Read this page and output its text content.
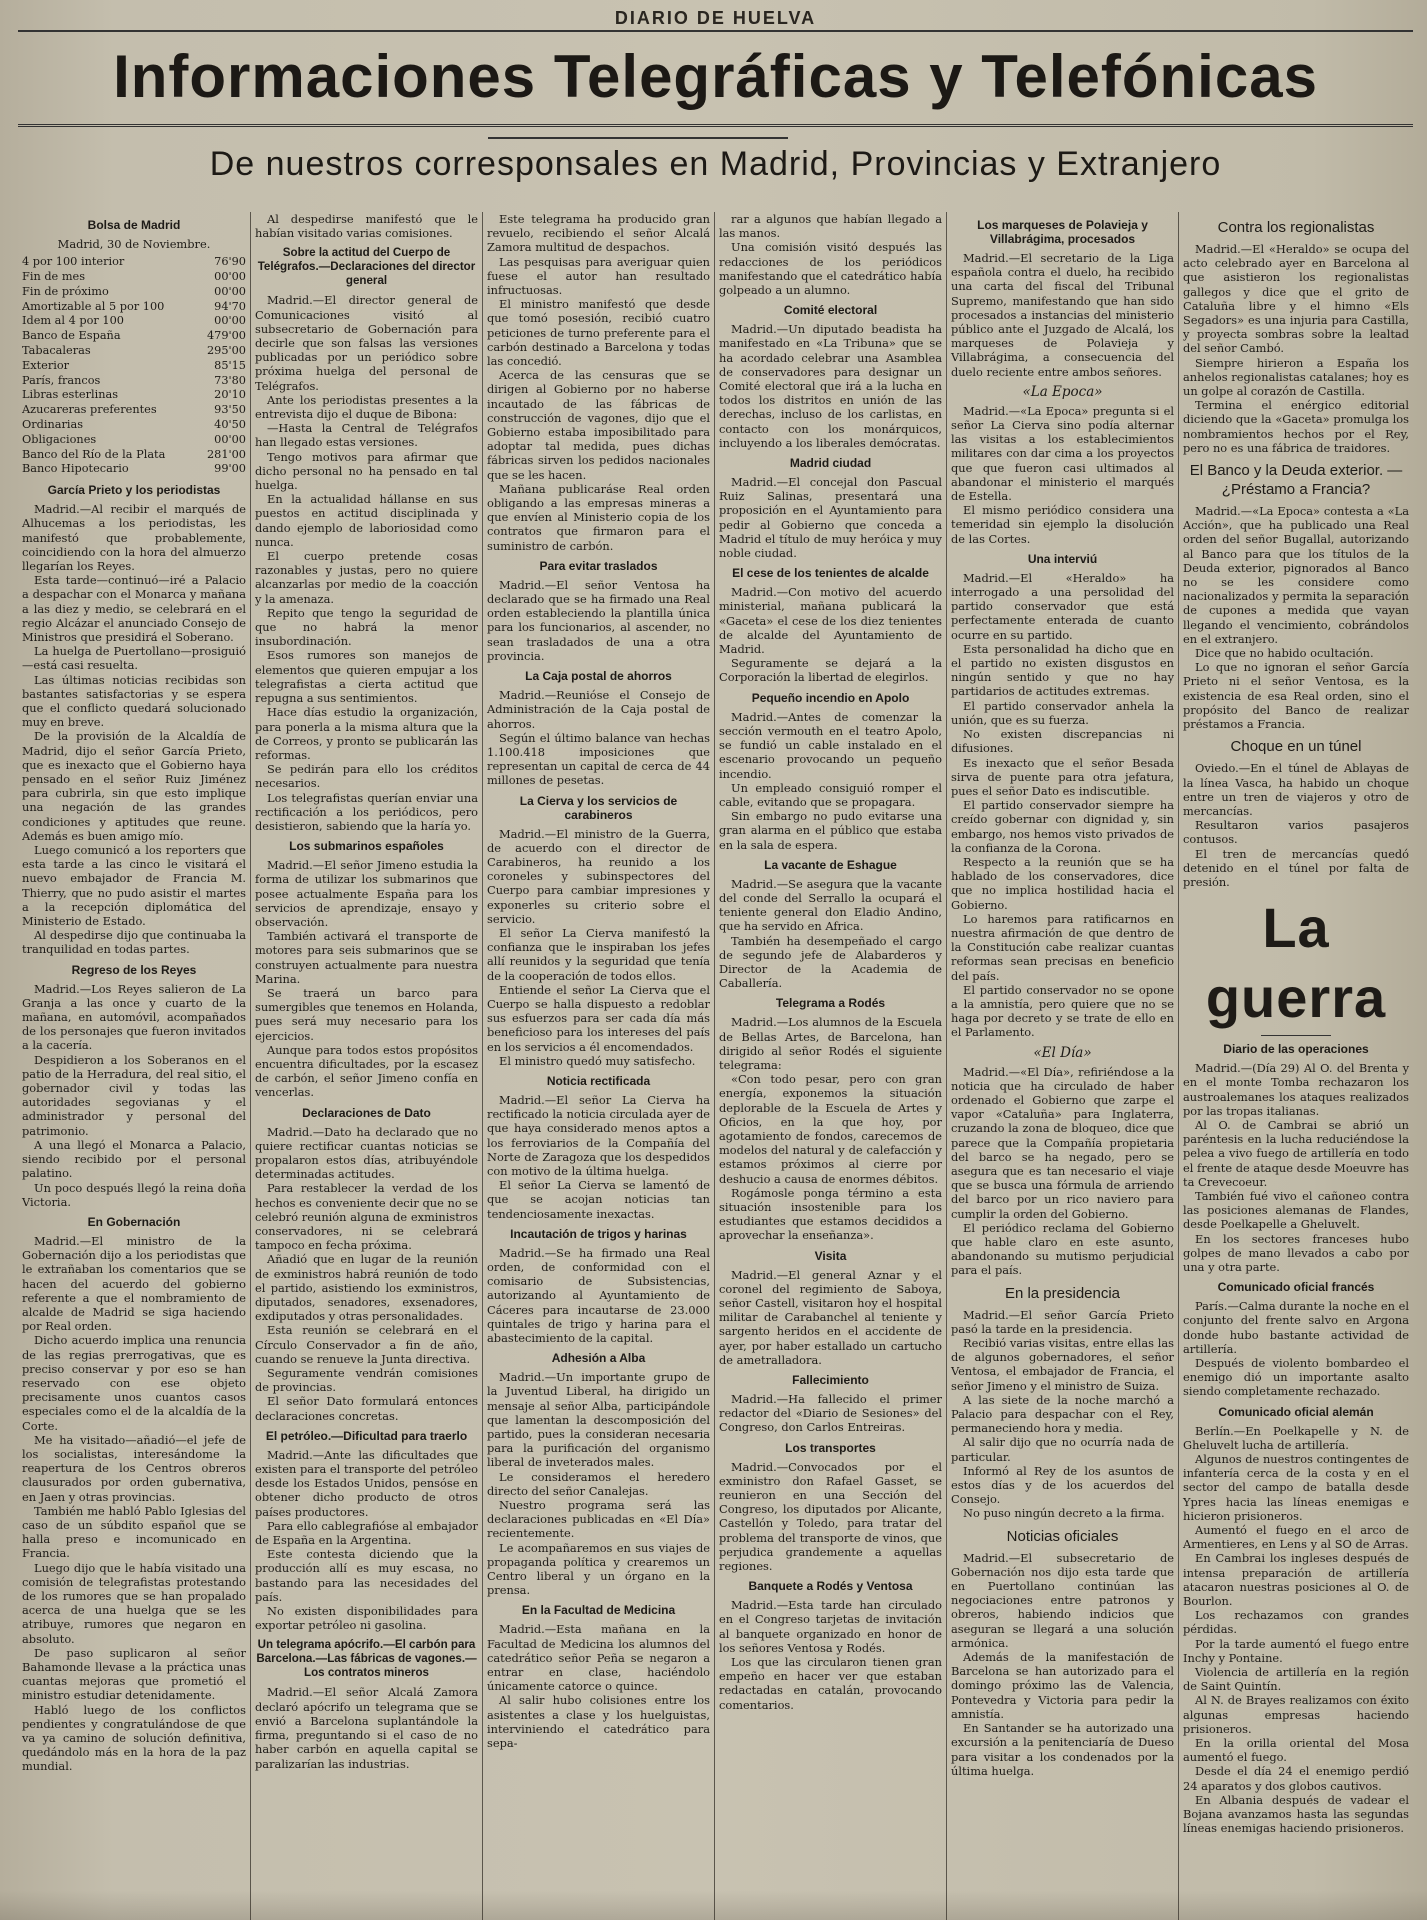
DIARIO DE HUELVA
Informaciones Telegráficas y Telefónicas
De nuestros corresponsales en Madrid, Provincias y Extranjero
Bolsa de Madrid
Madrid, 30 de Noviembre.
4 por 100 interior	76'90
Fin de mes	00'00
Fin de próximo	00'00
Amortizable al 5 por 100	94'70
Idem al 4 por 100	00'00
Banco de España	479'00
Tabacaleras	295'00
Exterior	85'15
París, francos	73'80
Libras esterlinas	20'10
Azucareras preferentes	93'50
Ordinarias	40'50
Obligaciones	00'00
Banco del Río de la Plata	281'00
Banco Hipotecario	99'00
García Prieto y los periodistas

Madrid.—Al recibir el marqués de Alhucemas a los periodistas, les manifestó que probablemente, coincidiendo con la hora del almuerzo llegarían los Reyes.

Esta tarde—continuó—iré a Palacio a despachar con el Monarca y mañana a las diez y medio, se celebrará en el regio Alcázar el anunciado Consejo de Ministros que presidirá el Soberano.

La huelga de Puertollano—prosiguió—está casi resuelta.

Las últimas noticias recibidas son bastantes satisfactorias y se espera que el conflicto quedará solucionado muy en breve.

De la provisión de la Alcaldía de Madrid, dijo el señor García Prieto, que es inexacto que el Gobierno haya pensado en el señor Ruiz Jiménez para cubrirla, sin que esto implique una negación de las grandes condiciones y aptitudes que reune. Además es buen amigo mío.

Luego comunicó a los reporters que esta tarde a las cinco le visitará el nuevo embajador de Francia M. Thierry, que no pudo asistir el martes a la recepción diplomática del Ministerio de Estado.

Al despedirse dijo que continuaba la tranquilidad en todas partes.

Regreso de los Reyes

Madrid.—Los Reyes salieron de La Granja a las once y cuarto de la mañana, en automóvil, acompañados de los personajes que fueron invitados a la cacería.

Despidieron a los Soberanos en el patio de la Herradura, del real sitio, el gobernador civil y todas las autoridades segovianas y el administrador y personal del patrimonio.

A una llegó el Monarca a Palacio, siendo recibido por el personal palatino.

Un poco después llegó la reina doña Victoria.

En Gobernación

Madrid.—El ministro de la Gobernación dijo a los periodistas que le extrañaban los comentarios que se hacen del acuerdo del gobierno referente a que el nombramiento de alcalde de Madrid se siga haciendo por Real orden.

Dicho acuerdo implica una renuncia de las regias prerrogativas, que es preciso conservar y por eso se han reservado con ese objeto precisamente unos cuantos casos especiales como el de la alcaldía de la Corte.

Me ha visitado—añadió—el jefe de los socialistas, interesándome la reapertura de los Centros obreros clausurados por orden gubernativa, en Jaen y otras provincias.

También me habló Pablo Iglesias del caso de un súbdito español que se halla preso e incomunicado en Francia.

Luego dijo que le había visitado una comisión de telegrafistas protestando de los rumores que se han propalado acerca de una huelga que se les atribuye, rumores que negaron en absoluto.

De paso suplicaron al señor Bahamonde llevase a la práctica unas cuantas mejoras que prometió el ministro estudiar detenidamente.

Habló luego de los conflictos pendientes y congratulándose de que va ya camino de solución definitiva, quedándolo más en la hora de la paz mundial.

Al despedirse manifestó que le habían visitado varias comisiones.

Sobre la actitud del Cuerpo de Telégrafos.—Declaraciones del director general

Madrid.—El director general de Comunicaciones visitó al subsecretario de Gobernación para decirle que son falsas las versiones publicadas por un periódico sobre próxima huelga del personal de Telégrafos.

Ante los periodistas presentes a la entrevista dijo el duque de Bibona:

—Hasta la Central de Telégrafos han llegado estas versiones.

Tengo motivos para afirmar que dicho personal no ha pensado en tal huelga.

En la actualidad hállanse en sus puestos en actitud disciplinada y dando ejemplo de laboriosidad como nunca.

El cuerpo pretende cosas razonables y justas, pero no quiere alcanzarlas por medio de la coacción y la amenaza.

Repito que tengo la seguridad de que no habrá la menor insubordinación.

Esos rumores son manejos de elementos que quieren empujar a los telegrafistas a cierta actitud que repugna a sus sentimientos.

Hace días estudio la organización, para ponerla a la misma altura que la de Correos, y pronto se publicarán las reformas.

Se pedirán para ello los créditos necesarios.

Los telegrafistas querían enviar una rectificación a los periódicos, pero desistieron, sabiendo que la haría yo.

Los submarinos españoles

Madrid.—El señor Jimeno estudia la forma de utilizar los submarinos que posee actualmente España para los servicios de aprendizaje, ensayo y observación.

También activará el transporte de motores para seis submarinos que se construyen actualmente para nuestra Marina.

Se traerá un barco para sumergibles que tenemos en Holanda, pues será muy necesario para los ejercicios.

Aunque para todos estos propósitos encuentra dificultades, por la escasez de carbón, el señor Jimeno confía en vencerlas.

Declaraciones de Dato

Madrid.—Dato ha declarado que no quiere rectificar cuantas noticias se propalaron estos días, atribuyéndole determinadas actitudes.

Para restablecer la verdad de los hechos es conveniente decir que no se celebró reunión alguna de exministros conservadores, ni se celebrará tampoco en fecha próxima.

Añadió que en lugar de la reunión de exministros habrá reunión de todo el partido, asistiendo los exministros, diputados, senadores, exsenadores, exdiputados y otras personalidades.

Esta reunión se celebrará en el Círculo Conservador a fin de año, cuando se renueve la Junta directiva.

Seguramente vendrán comisiones de provincias.

El señor Dato formulará entonces declaraciones concretas.

El petróleo.—Dificultad para traerlo

Madrid.—Ante las dificultades que existen para el transporte del petróleo desde los Estados Unidos, pensóse en obtener dicho producto de otros países productores.

Para ello cablegrafióse al embajador de España en la Argentina.

Este contesta diciendo que la producción allí es muy escasa, no bastando para las necesidades del país.

No existen disponibilidades para exportar petróleo ni gasolina.

Un telegrama apócrifo.—El carbón para Barcelona.—Las fábricas de vagones.—Los contratos mineros

Madrid.—El señor Alcalá Zamora declaró apócrifo un telegrama que se envió a Barcelona suplantándole la firma, preguntando si el caso de no haber carbón en aquella capital se paralizarían las industrias.

Este telegrama ha producido gran revuelo, recibiendo el señor Alcalá Zamora multitud de despachos.

Las pesquisas para averiguar quien fuese el autor han resultado infructuosas.

El ministro manifestó que desde que tomó posesión, recibió cuatro peticiones de turno preferente para el carbón destinado a Barcelona y todas las concedió.

Acerca de las censuras que se dirigen al Gobierno por no haberse incautado de las fábricas de construcción de vagones, dijo que el Gobierno estaba imposibilitado para adoptar tal medida, pues dichas fábricas sirven los pedidos nacionales que se les hacen.

Mañana publicaráse Real orden obligando a las empresas mineras a que envíen al Ministerio copia de los contratos que firmaron para el suministro de carbón.

Para evitar traslados

Madrid.—El señor Ventosa ha declarado que se ha firmado una Real orden estableciendo la plantilla única para los funcionarios, al ascender, no sean trasladados de una a otra provincia.

La Caja postal de ahorros

Madrid.—Reunióse el Consejo de Administración de la Caja postal de ahorros.

Según el último balance van hechas 1.100.418 imposiciones que representan un capital de cerca de 44 millones de pesetas.

La Cierva y los servicios de carabineros

Madrid.—El ministro de la Guerra, de acuerdo con el director de Carabineros, ha reunido a los coroneles y subinspectores del Cuerpo para cambiar impresiones y exponerles su criterio sobre el servicio.

El señor La Cierva manifestó la confianza que le inspiraban los jefes allí reunidos y la seguridad que tenía de la cooperación de todos ellos.

Entiende el señor La Cierva que el Cuerpo se halla dispuesto a redoblar sus esfuerzos para ser cada día más beneficioso para los intereses del país en los servicios a él encomendados.

El ministro quedó muy satisfecho.

Noticia rectificada

Madrid.—El señor La Cierva ha rectificado la noticia circulada ayer de que haya considerado menos aptos a los ferroviarios de la Compañía del Norte de Zaragoza que los despedidos con motivo de la última huelga.

El señor La Cierva se lamentó de que se acojan noticias tan tendenciosamente inexactas.

Incautación de trigos y harinas

Madrid.—Se ha firmado una Real orden, de conformidad con el comisario de Subsistencias, autorizando al Ayuntamiento de Cáceres para incautarse de 23.000 quintales de trigo y harina para el abastecimiento de la capital.

Adhesión a Alba

Madrid.—Un importante grupo de la Juventud Liberal, ha dirigido un mensaje al señor Alba, participándole que lamentan la descomposición del partido, pues la consideran necesaria para la purificación del organismo liberal de inveterados males.

Le consideramos el heredero directo del señor Canalejas.

Nuestro programa será las declaraciones publicadas en «El Día» recientemente.

Le acompañaremos en sus viajes de propaganda política y crearemos un Centro liberal y un órgano en la prensa.

En la Facultad de Medicina

Madrid.—Esta mañana en la Facultad de Medicina los alumnos del catedrático señor Peña se negaron a entrar en clase, haciéndolo únicamente catorce o quince.

Al salir hubo colisiones entre los asistentes a clase y los huelguistas, interviniendo el catedrático para sepa-

rar a algunos que habían llegado a las manos.

Una comisión visitó después las redacciones de los periódicos manifestando que el catedrático había golpeado a un alumno.

Comité electoral

Madrid.—Un diputado beadista ha manifestado en «La Tribuna» que se ha acordado celebrar una Asamblea de conservadores para designar un Comité electoral que irá a la lucha en todos los distritos en unión de las derechas, incluso de los carlistas, en contacto con los monárquicos, incluyendo a los liberales demócratas.

Madrid ciudad

Madrid.—El concejal don Pascual Ruiz Salinas, presentará una proposición en el Ayuntamiento para pedir al Gobierno que conceda a Madrid el título de muy heróica y muy noble ciudad.

El cese de los tenientes de alcalde

Madrid.—Con motivo del acuerdo ministerial, mañana publicará la «Gaceta» el cese de los diez tenientes de alcalde del Ayuntamiento de Madrid.

Seguramente se dejará a la Corporación la libertad de elegirlos.

Pequeño incendio en Apolo

Madrid.—Antes de comenzar la sección vermouth en el teatro Apolo, se fundió un cable instalado en el escenario provocando un pequeño incendio.

Un empleado consiguió romper el cable, evitando que se propagara.

Sin embargo no pudo evitarse una gran alarma en el público que estaba en la sala de espera.

La vacante de Eshague

Madrid.—Se asegura que la vacante del conde del Serrallo la ocupará el teniente general don Eladio Andino, que ha servido en Africa.

También ha desempeñado el cargo de segundo jefe de Alabarderos y Director de la Academia de Caballería.

Telegrama a Rodés

Madrid.—Los alumnos de la Escuela de Bellas Artes, de Barcelona, han dirigido al señor Rodés el siguiente telegrama:

«Con todo pesar, pero con gran energía, exponemos la situación deplorable de la Escuela de Artes y Oficios, en la que hoy, por agotamiento de fondos, carecemos de modelos del natural y de calefacción y estamos próximos al cierre por deshucio a causa de enormes débitos.

Rogámosle ponga término a esta situación insostenible para los estudiantes que estamos decididos a aprovechar la enseñanza».

Visita

Madrid.—El general Aznar y el coronel del regimiento de Saboya, señor Castell, visitaron hoy el hospital militar de Carabanchel al teniente y sargento heridos en el accidente de ayer, por haber estallado un cartucho de ametralladora.

Fallecimiento

Madrid.—Ha fallecido el primer redactor del «Diario de Sesiones» del Congreso, don Carlos Entreiras.

Los transportes

Madrid.—Convocados por el exministro don Rafael Gasset, se reunieron en una Sección del Congreso, los diputados por Alicante, Castellón y Toledo, para tratar del problema del transporte de vinos, que perjudica grandemente a aquellas regiones.

Banquete a Rodés y Ventosa

Madrid.—Esta tarde han circulado en el Congreso tarjetas de invitación al banquete organizado en honor de los señores Ventosa y Rodés.

Los que las circularon tienen gran empeño en hacer ver que estaban redactadas en catalán, provocando comentarios.

Los marqueses de Polavieja y Villabrágima, procesados

Madrid.—El secretario de la Liga española contra el duelo, ha recibido una carta del fiscal del Tribunal Supremo, manifestando que han sido procesados a instancias del ministerio público ante el Juzgado de Alcalá, los marqueses de Polavieja y Villabrágima, a consecuencia del duelo reciente entre ambos señores.

«La Epoca»

Madrid.—«La Epoca» pregunta si el señor La Cierva sino podía alternar las visitas a los establecimientos militares con dar cima a los proyectos que que fueron casi ultimados al abandonar el ministerio el marqués de Estella.

El mismo periódico considera una temeridad sin ejemplo la disolución de las Cortes.

Una interviú

Madrid.—El «Heraldo» ha interrogado a una persolidad del partido conservador que está perfectamente enterada de cuanto ocurre en su partido.

Esta personalidad ha dicho que en el partido no existen disgustos en ningún sentido y que no hay partidarios de actitudes extremas.

El partido conservador anhela la unión, que es su fuerza.

No existen discrepancias ni difusiones.

Es inexacto que el señor Besada sirva de puente para otra jefatura, pues el señor Dato es indiscutible.

El partido conservador siempre ha creído gobernar con dignidad y, sin embargo, nos hemos visto privados de la confianza de la Corona.

Respecto a la reunión que se ha hablado de los conservadores, dice que no implica hostilidad hacia el Gobierno.

Lo haremos para ratificarnos en nuestra afirmación de que dentro de la Constitución cabe realizar cuantas reformas sean precisas en beneficio del país.

El partido conservador no se opone a la amnistía, pero quiere que no se haga por decreto y se trate de ello en el Parlamento.

«El Día»

Madrid.—«El Día», refiriéndose a la noticia que ha circulado de haber ordenado el Gobierno que zarpe el vapor «Cataluña» para Inglaterra, cruzando la zona de bloqueo, dice que parece que la Compañía propietaria del barco se ha negado, pero se asegura que es tan necesario el viaje que se busca una fórmula de arriendo del barco por un rico naviero para cumplir la orden del Gobierno.

El periódico reclama del Gobierno que hable claro en este asunto, abandonando su mutismo perjudicial para el país.

En la presidencia

Madrid.—El señor García Prieto pasó la tarde en la presidencia.

Recibió varias visitas, entre ellas las de algunos gobernadores, el señor Ventosa, el embajador de Francia, el señor Jimeno y el ministro de Suiza.

A las siete de la noche marchó a Palacio para despachar con el Rey, permaneciendo hora y media.

Al salir dijo que no ocurría nada de particular.

Informó al Rey de los asuntos de estos días y de los acuerdos del Consejo.

No puso ningún decreto a la firma.

Noticias oficiales

Madrid.—El subsecretario de Gobernación nos dijo esta tarde que en Puertollano continúan las negociaciones entre patronos y obreros, habiendo indicios que aseguran se llegará a una solución armónica.

Además de la manifestación de Barcelona se han autorizado para el domingo próximo las de Valencia, Pontevedra y Victoria para pedir la amnistía.

En Santander se ha autorizado una excursión a la penitenciaría de Dueso para visitar a los condenados por la última huelga.

Contra los regionalistas

Madrid.—El «Heraldo» se ocupa del acto celebrado ayer en Barcelona al que asistieron los regionalistas gallegos y dice que el grito de Cataluña libre y el himno «Els Segadors» es una injuria para Castilla, y proyecta sombras sobre la lealtad del señor Cambó.

Siempre hirieron a España los anhelos regionalistas catalanes; hoy es un golpe al corazón de Castilla.

Termina el enérgico editorial diciendo que la «Gaceta» promulga los nombramientos hechos por el Rey, pero no es una fábrica de traidores.

El Banco y la Deuda exterior. —¿Préstamo a Francia?

Madrid.—«La Epoca» contesta a «La Acción», que ha publicado una Real orden del señor Bugallal, autorizando al Banco para que los títulos de la Deuda exterior, pignorados al Banco no se les considere como nacionalizados y permita la separación de cupones a medida que vayan llegando el vencimiento, cobrándolos en el extranjero.

Dice que no habido ocultación.

Lo que no ignoran el señor García Prieto ni el señor Ventosa, es la existencia de esa Real orden, sino el propósito del Banco de realizar préstamos a Francia.

Choque en un túnel

Oviedo.—En el túnel de Ablayas de la línea Vasca, ha habido un choque entre un tren de viajeros y otro de mercancías.

Resultaron varios pasajeros contusos.

El tren de mercancías quedó detenido en el túnel por falta de presión.

La guerra
Diario de las operaciones

Madrid.—(Día 29) Al O. del Brenta y en el monte Tomba rechazaron los austroalemanes los ataques realizados por las tropas italianas.

Al O. de Cambrai se abrió un paréntesis en la lucha reduciéndose la pelea a vivo fuego de artillería en todo el frente de ataque desde Moeuvre has ta Crevecoeur.

También fué vivo el cañoneo contra las posiciones alemanas de Flandes, desde Poelkapelle a Gheluvelt.

En los sectores franceses hubo golpes de mano llevados a cabo por una y otra parte.

Comunicado oficial francés

París.—Calma durante la noche en el conjunto del frente salvo en Argona donde hubo bastante actividad de artillería.

Después de violento bombardeo el enemigo dió un importante asalto siendo completamente rechazado.

Comunicado oficial alemán

Berlín.—En Poelkapelle y N. de Gheluvelt lucha de artillería.

Algunos de nuestros contingentes de infantería cerca de la costa y en el sector del campo de batalla desde Ypres hacia las líneas enemigas e hicieron prisioneros.

Aumentó el fuego en el arco de Armentieres, en Lens y al SO de Arras.

En Cambrai los ingleses después de intensa preparación de artillería atacaron nuestras posiciones al O. de Bourlon.

Los rechazamos con grandes pérdidas.

Por la tarde aumentó el fuego entre Inchy y Pontaine.

Violencia de artillería en la región de Saint Quintín.

Al N. de Brayes realizamos con éxito algunas empresas haciendo prisioneros.

En la orilla oriental del Mosa aumentó el fuego.

Desde el día 24 el enemigo perdió 24 aparatos y dos globos cautivos.

En Albania después de vadear el Bojana avanzamos hasta las segundas líneas enemigas haciendo prisioneros.
